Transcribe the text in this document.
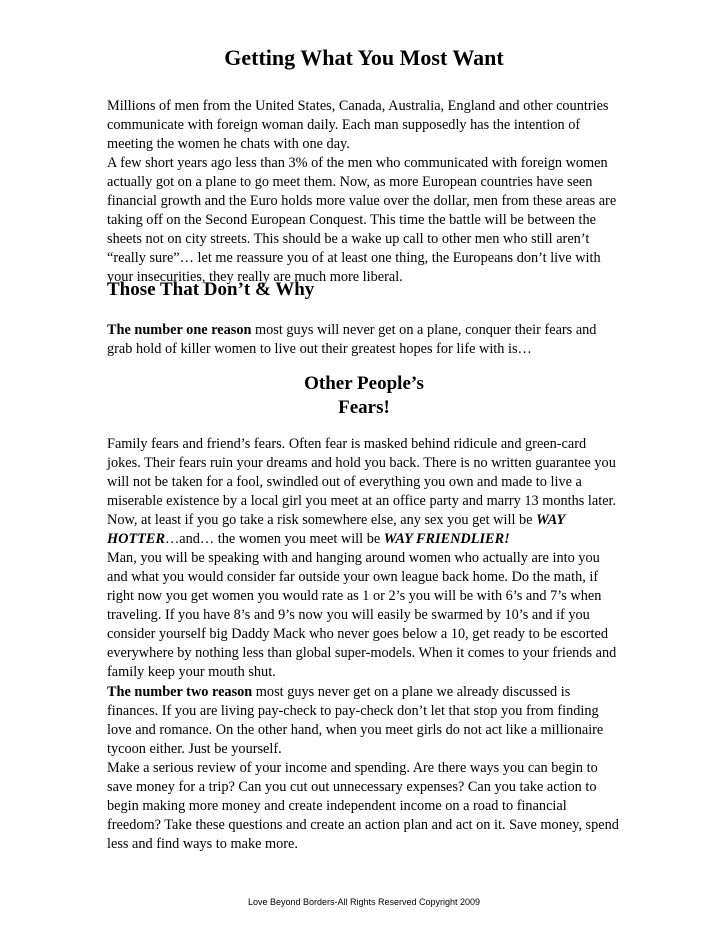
Getting What You Most Want

Millions of men from the United States, Canada, Australia, England and other countries
communicate with foreign woman daily. Each man supposedly has the intention of
meeting the women he chats with one day.
A few short years ago less than 3% of the men who communicated with foreign women
actually got on a plane to go meet them. Now, as more European countries have seen
financial growth and the Euro holds more value over the dollar, men from these areas are
taking off on the Second European Conquest. This time the battle will be between the
sheets not on city streets. This should be a wake up call to other men who still aren’t
“really sure”… let me reassure you of at least one thing, the Europeans don’t live with
your insecurities, they really are much more liberal.

Those That Don’t & Why

The number one reason most guys will never get on a plane, conquer their fears and
grab hold of killer women to live out their greatest hopes for life with is…

Other People’s
Fears!

Family fears and friend’s fears. Often fear is masked behind ridicule and green-card
jokes. Their fears ruin your dreams and hold you back. There is no written guarantee you
will not be taken for a fool, swindled out of everything you own and made to live a
miserable existence by a local girl you meet at an office party and marry 13 months later.
Now, at least if you go take a risk somewhere else, any sex you get will be WAY
HOTTER…and… the women you meet will be WAY FRIENDLIER!

Man, you will be speaking with and hanging around women who actually are into you
and what you would consider far outside your own league back home. Do the math, if
right now you get women you would rate as 1 or 2’s you will be with 6’s and 7’s when
traveling. If you have 8’s and 9’s now you will easily be swarmed by 10’s and if you
consider yourself big Daddy Mack who never goes below a 10, get ready to be escorted
everywhere by nothing less than global super-models. When it comes to your friends and
family keep your mouth shut.

The number two reason most guys never get on a plane we already discussed is
finances. If you are living pay-check to pay-check don’t let that stop you from finding
love and romance. On the other hand, when you meet girls do not act like a millionaire
tycoon either. Just be yourself.

Make a serious review of your income and spending. Are there ways you can begin to
save money for a trip? Can you cut out unnecessary expenses? Can you take action to
begin making more money and create independent income on a road to financial
freedom? Take these questions and create an action plan and act on it. Save money, spend
less and find ways to make more.

Love Beyond Borders-All Rights Reserved Copyright 2009
